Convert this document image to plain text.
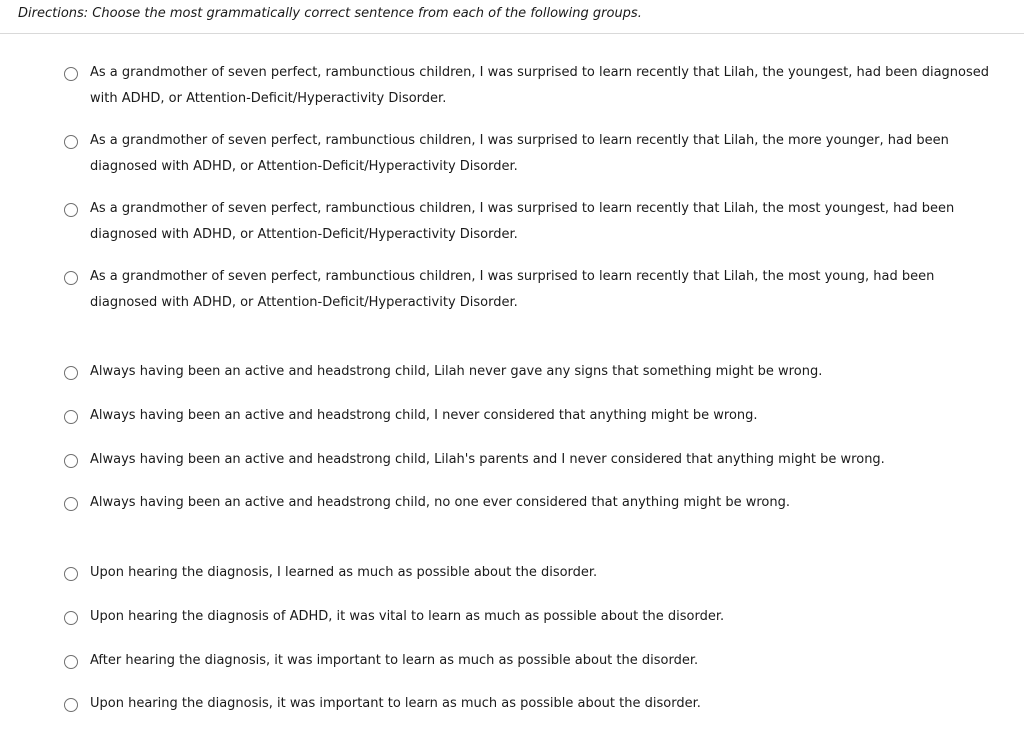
Directions: Choose the most grammatically correct sentence from each of the following groups.
As a grandmother of seven perfect, rambunctious children, I was surprised to learn recently that Lilah, the youngest, had been diagnosed with ADHD, or Attention-Deficit/Hyperactivity Disorder.
As a grandmother of seven perfect, rambunctious children, I was surprised to learn recently that Lilah, the more younger, had been diagnosed with ADHD, or Attention-Deficit/Hyperactivity Disorder.
As a grandmother of seven perfect, rambunctious children, I was surprised to learn recently that Lilah, the most youngest, had been diagnosed with ADHD, or Attention-Deficit/Hyperactivity Disorder.
As a grandmother of seven perfect, rambunctious children, I was surprised to learn recently that Lilah, the most young, had been diagnosed with ADHD, or Attention-Deficit/Hyperactivity Disorder.
Always having been an active and headstrong child, Lilah never gave any signs that something might be wrong.
Always having been an active and headstrong child, I never considered that anything might be wrong.
Always having been an active and headstrong child, Lilah's parents and I never considered that anything might be wrong.
Always having been an active and headstrong child, no one ever considered that anything might be wrong.
Upon hearing the diagnosis, I learned as much as possible about the disorder.
Upon hearing the diagnosis of ADHD, it was vital to learn as much as possible about the disorder.
After hearing the diagnosis, it was important to learn as much as possible about the disorder.
Upon hearing the diagnosis, it was important to learn as much as possible about the disorder.
